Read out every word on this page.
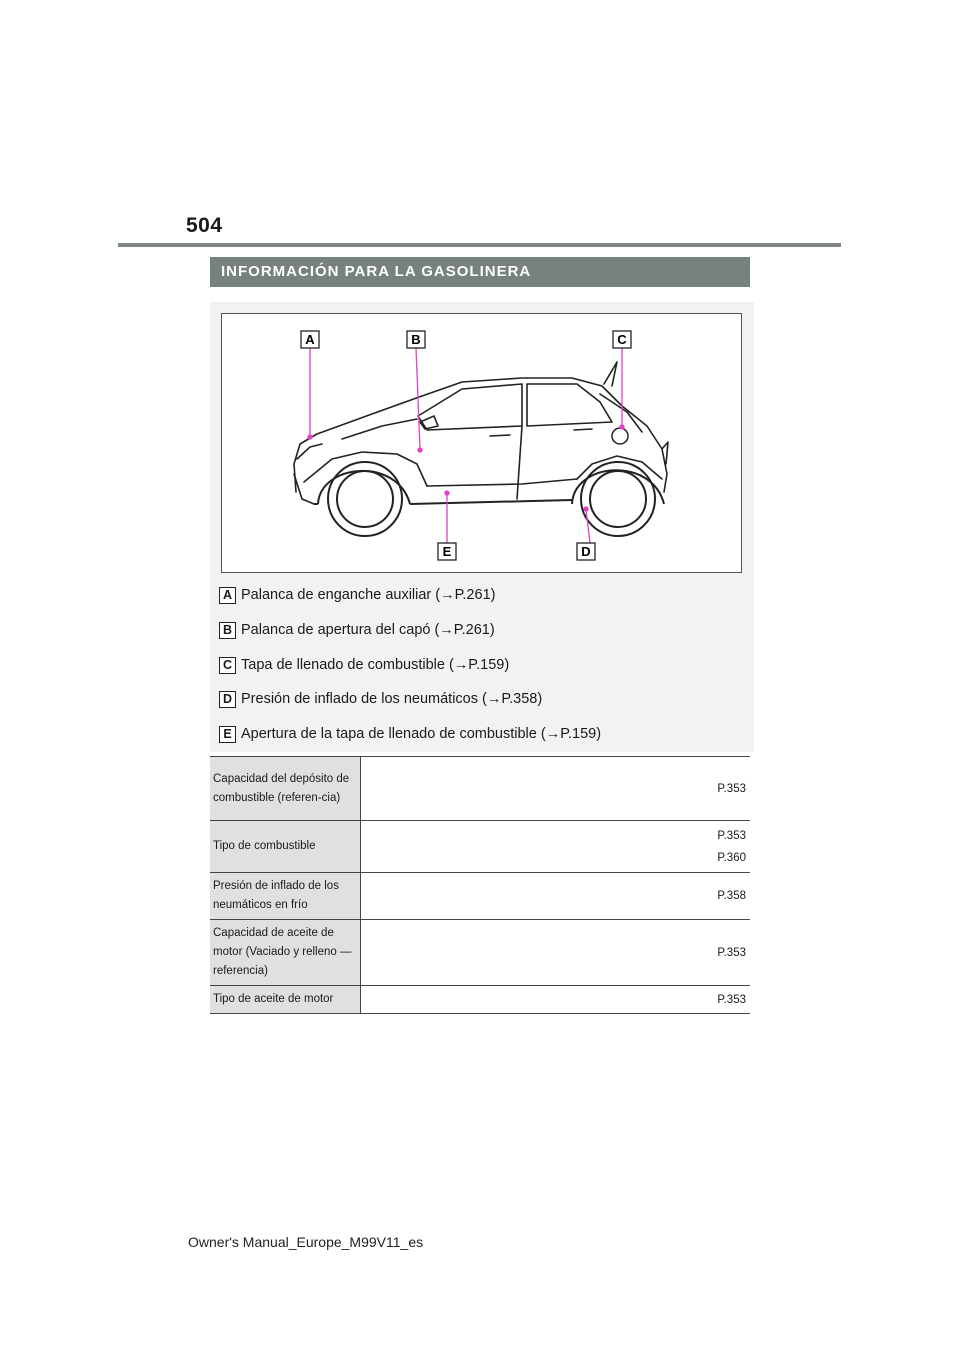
504
INFORMACIÓN PARA LA GASOLINERA
A	B	C
D
E
A Palanca de enganche auxiliar (→P.261)
B Palanca de apertura del capó (→P.261)
C Tapa de llenado de combustible (→P.159)
D Presión de inflado de los neumáticos (→P.358)
E Apertura de la tapa de llenado de combustible (→P.159)
Capacidad del depósito de combustible (referen-cia)	P.353
Tipo de combustible	P.353
P.360

Presión de inflado de los neumáticos en frío	P.358
Capacidad de aceite de motor (Vaciado y relleno — referencia)	P.353
Tipo de aceite de motor	P.353
Owner's Manual_Europe_M99V11_es
